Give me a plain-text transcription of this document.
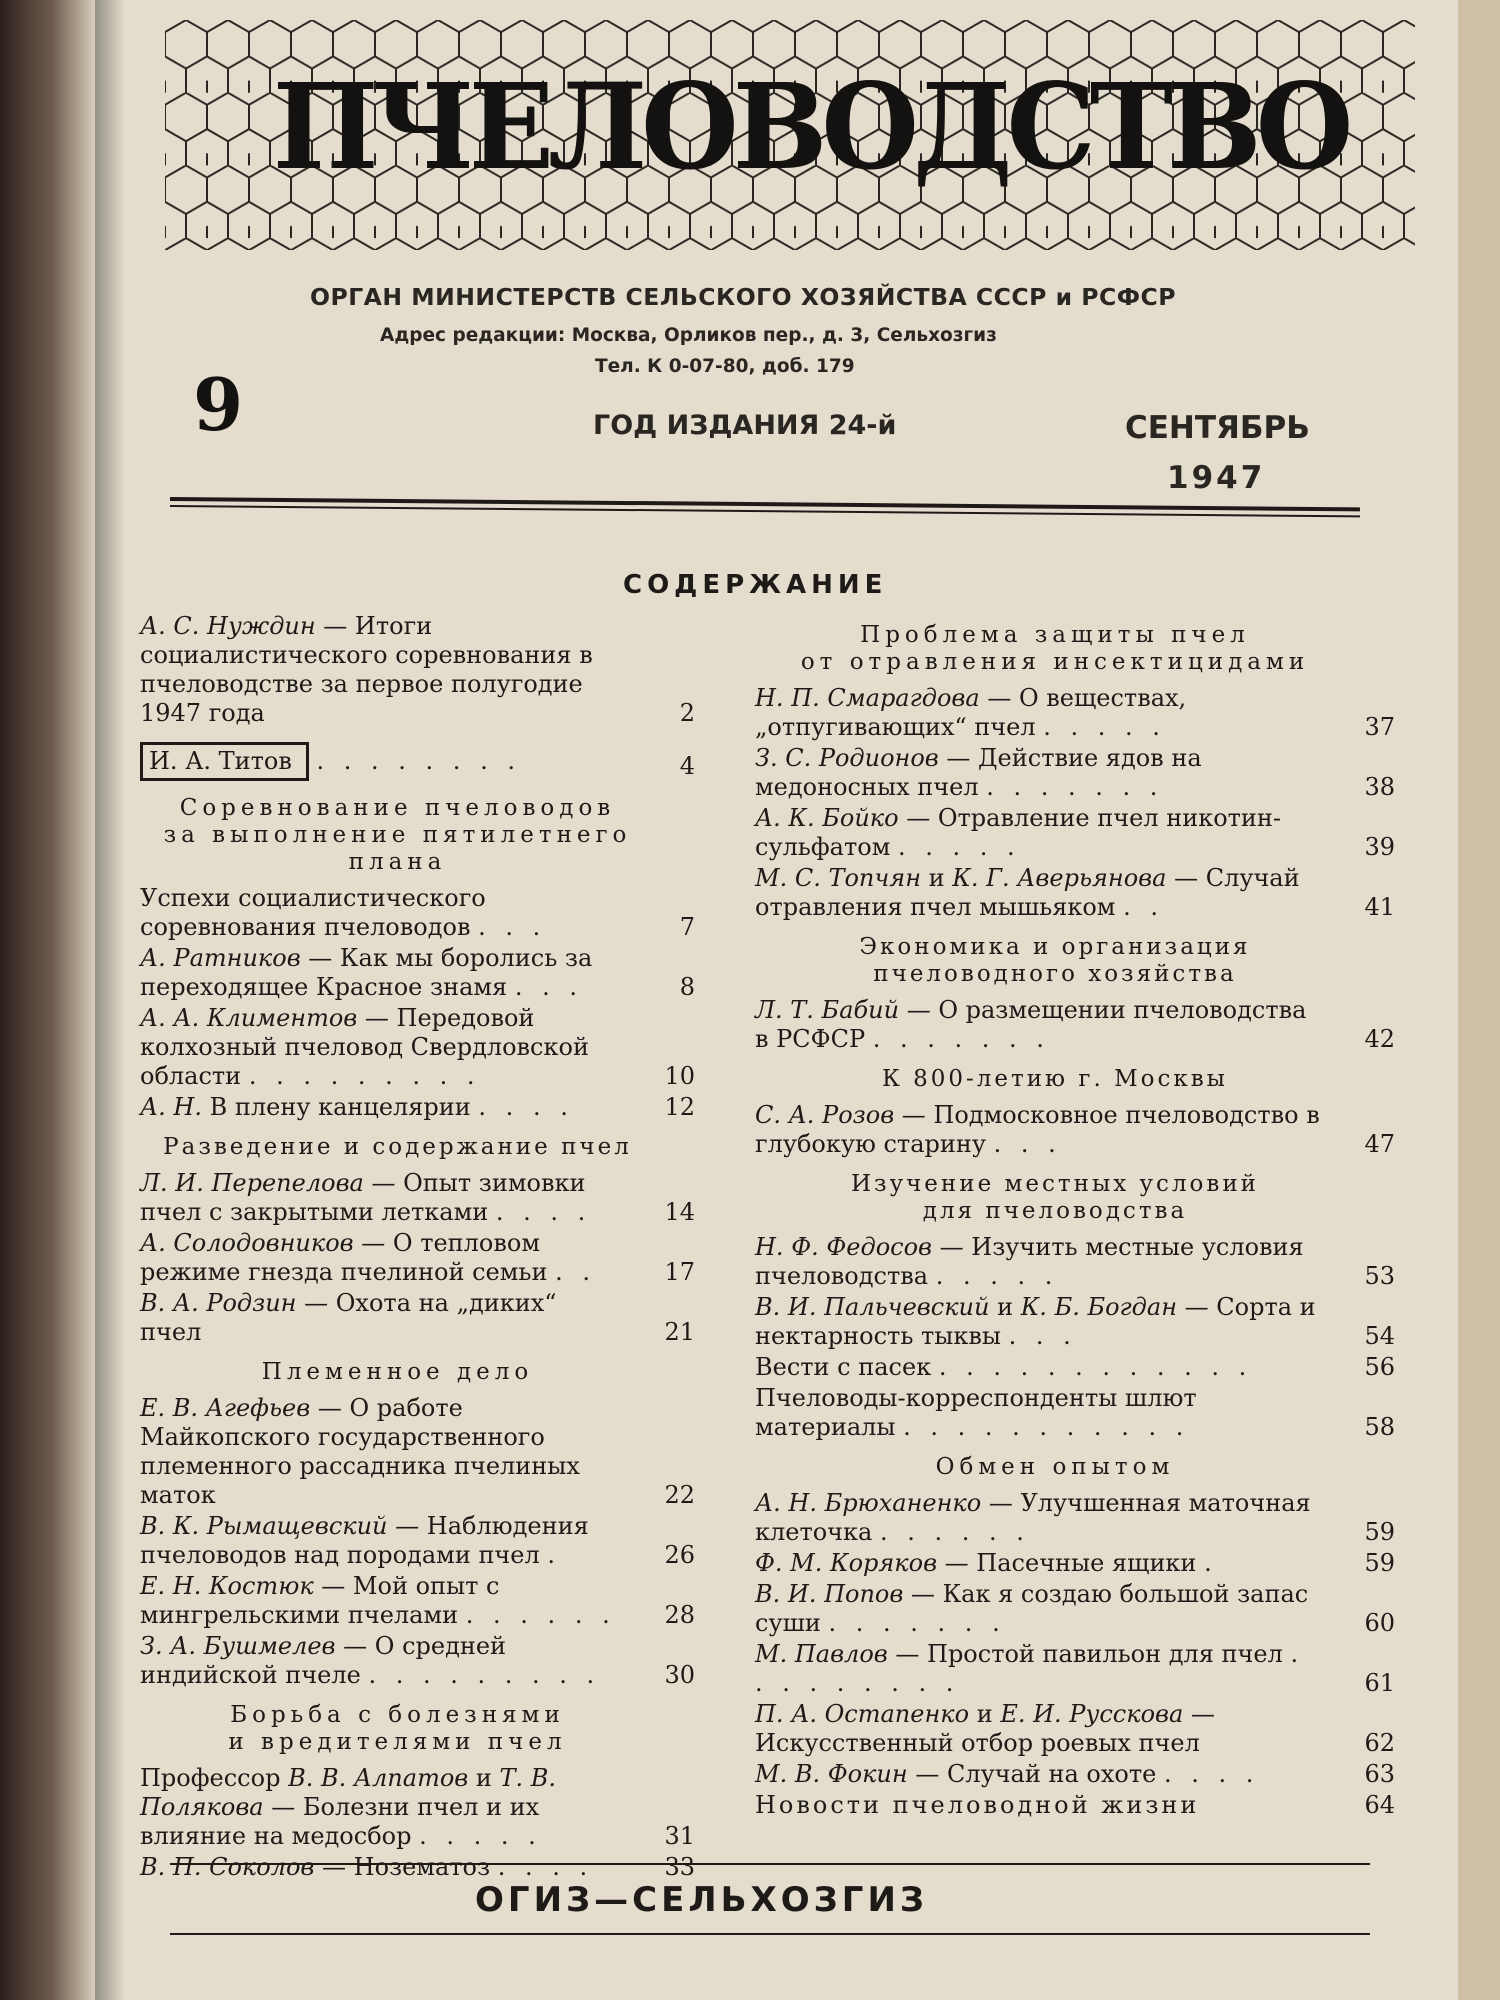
ПЧЕЛОВОДСТВО
ОРГАН МИНИСТЕРСТВ СЕЛЬСКОГО ХОЗЯЙСТВА СССР и РСФСР
Адрес редакции: Москва, Орликов пер., д. 3, Сельхозгиз
Тел. К 0-07-80, доб. 179
9	ГОД ИЗДАНИЯ 24-й	СЕНТЯБРЬ
1947
СОДЕРЖАНИЕ
А. С. Нуждин — Итоги социалистического соревнования в пчеловодстве за первое полугодие 1947 года	2
И. А. Титов . . . . . . . .	4
Соревнование пчеловодов
за выполнение пятилетнего
плана
Успехи социалистического соревнования пчеловодов . . .	7
А. Ратников — Как мы боролись за переходящее Красное знамя . . .	8
А. А. Климентов — Передовой колхозный пчеловод Свердловской области . . . . . . . . .	10
А. Н. В плену канцелярии . . . .	12
Разведение и содержание пчел
Л. И. Перепелова — Опыт зимовки пчел с закрытыми летками . . . .	14
А. Солодовников — О тепловом режиме гнезда пчелиной семьи . .	17
В. А. Родзин — Охота на „диких“ пчел	21
Племенное дело
Е. В. Агефьев — О работе Майкопского государственного племенного рассадника пчелиных маток	22
В. К. Рымащевский — Наблюдения пчеловодов над породами пчел .	26
Е. Н. Костюк — Мой опыт с мингрельскими пчелами . . . . . .	28
З. А. Бушмелев — О средней индийской пчеле . . . . . . . . .	30
Борьба с болезнями
и вредителями пчел
Профессор В. В. Алпатов и Т. В. Полякова — Болезни пчел и их влияние на медосбор . . . . .	31
В. П. Соколов — Нозематоз . . . .	33
Проблема защиты пчел
от отравления инсектицидами
Н. П. Смарагдова — О веществах, „отпугивающих“ пчел . . . . .	37
З. С. Родионов — Действие ядов на медоносных пчел . . . . . . .	38
А. К. Бойко — Отравление пчел никотин-сульфатом . . . . .	39
М. С. Топчян и К. Г. Аверьянова — Случай отравления пчел мышьяком . .	41
Экономика и организация
пчеловодного хозяйства
Л. Т. Бабий — О размещении пчеловодства в РСФСР . . . . . . .	42
К 800-летию г. Москвы
С. А. Розов — Подмосковное пчеловодство в глубокую старину . . .	47
Изучение местных условий
для пчеловодства
Н. Ф. Федосов — Изучить местные условия пчеловодства . . . . .	53
В. И. Пальчевский и К. Б. Богдан — Сорта и нектарность тыквы . . .	54
Вести с пасек . . . . . . . . . . . .	56
Пчеловоды-корреспонденты шлют материалы . . . . . . . . . . .	58
Обмен опытом
А. Н. Брюханенко — Улучшенная маточная клеточка . . . . . .	59
Ф. М. Коряков — Пасечные ящики .	59
В. И. Попов — Как я создаю большой запас суши . . . . . . .	60
М. Павлов — Простой павильон для пчел . . . . . . . . .	61
П. А. Остапенко и Е. И. Русскова — Искусственный отбор роевых пчел	62
М. В. Фокин — Случай на охоте . . . .	63
Новости пчеловодной жизни	64
ОГИЗ—СЕЛЬХОЗГИЗ
